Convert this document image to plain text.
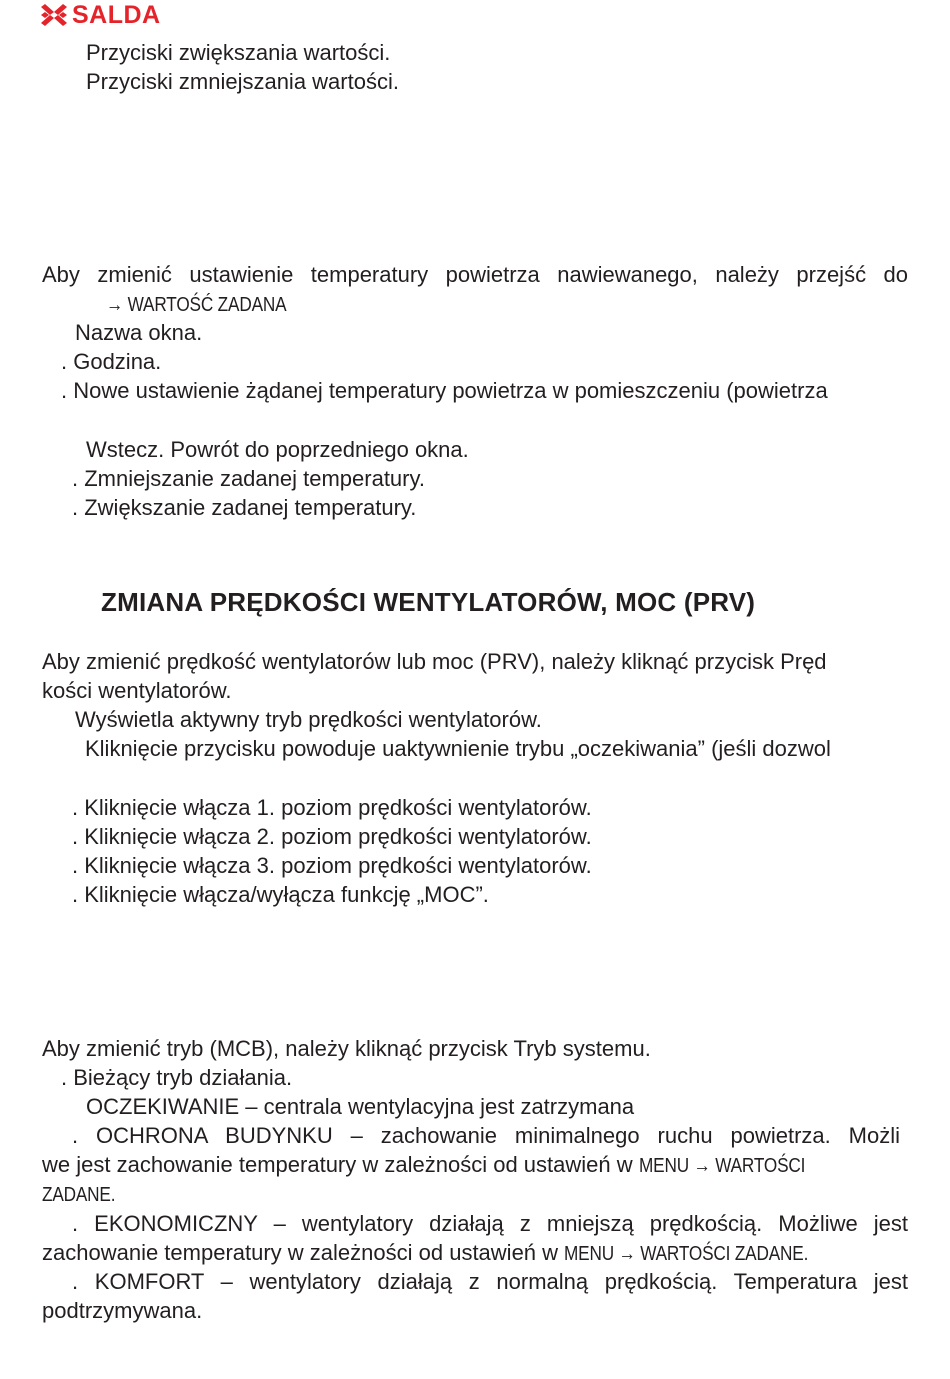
SALDA
Przyciski zwiększania wartości.
Przyciski zmniejszania wartości.
Aby zmienić ustawienie temperatury powietrza nawiewanego, należy przejść do
→ WARTOŚĆ ZADANA
Nazwa okna.
. Godzina.
. Nowe ustawienie żądanej temperatury powietrza w pomieszczeniu (powietrza
Wstecz. Powrót do poprzedniego okna.
. Zmniejszanie zadanej temperatury.
. Zwiększanie zadanej temperatury.
ZMIANA PRĘDKOŚCI WENTYLATORÓW, MOC (PRV)
Aby zmienić prędkość wentylatorów lub moc (PRV), należy kliknąć przycisk Pręd
kości wentylatorów.
Wyświetla aktywny tryb prędkości wentylatorów.
Kliknięcie przycisku powoduje uaktywnienie trybu „oczekiwania” (jeśli dozwol
. Kliknięcie włącza 1. poziom prędkości wentylatorów.
. Kliknięcie włącza 2. poziom prędkości wentylatorów.
. Kliknięcie włącza 3. poziom prędkości wentylatorów.
. Kliknięcie włącza/wyłącza funkcję „MOC”.
Aby zmienić tryb (MCB), należy kliknąć przycisk Tryb systemu.
. Bieżący tryb działania.
OCZEKIWANIE – centrala wentylacyjna jest zatrzymana
. OCHRONA BUDYNKU – zachowanie minimalnego ruchu powietrza. Możli
we jest zachowanie temperatury w zależności od ustawień w MENU → WARTOŚCI
ZADANE.
. EKONOMICZNY – wentylatory działają z mniejszą prędkością. Możliwe jest
zachowanie temperatury w zależności od ustawień w MENU → WARTOŚCI ZADANE.
. KOMFORT – wentylatory działają z normalną prędkością. Temperatura jest
podtrzymywana.
